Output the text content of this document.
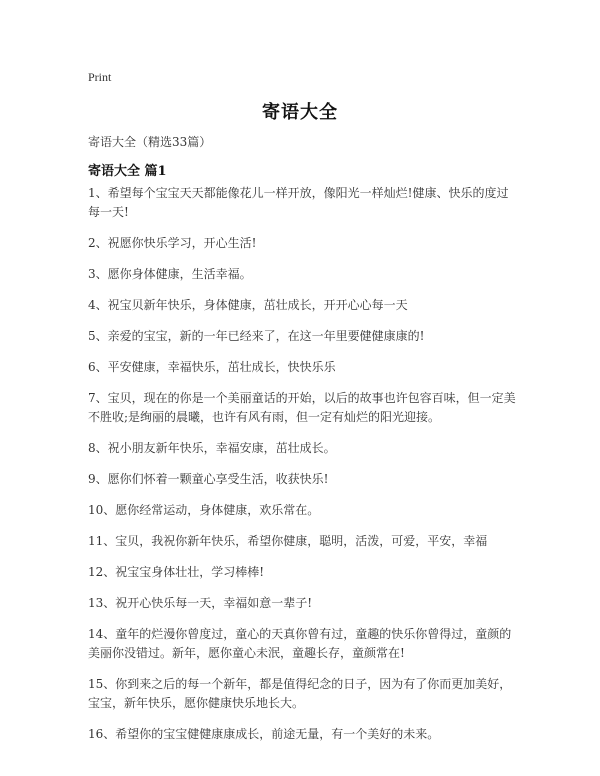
Print
寄语大全
寄语大全（精选33篇）
寄语大全 篇1
1、希望每个宝宝天天都能像花儿一样开放，像阳光一样灿烂!健康、快乐的度过每一天!
2、祝愿你快乐学习，开心生活!
3、愿你身体健康，生活幸福。
4、祝宝贝新年快乐，身体健康，茁壮成长，开开心心每一天
5、亲爱的宝宝，新的一年已经来了，在这一年里要健健康康的!
6、平安健康，幸福快乐，茁壮成长，快快乐乐
7、宝贝，现在的你是一个美丽童话的开始，以后的故事也许包容百味，但一定美不胜收;是绚丽的晨曦，也许有风有雨，但一定有灿烂的阳光迎接。
8、祝小朋友新年快乐，幸福安康，茁壮成长。
9、愿你们怀着一颗童心享受生活，收获快乐!
10、愿你经常运动，身体健康，欢乐常在。
11、宝贝，我祝你新年快乐，希望你健康，聪明，活泼，可爱，平安，幸福
12、祝宝宝身体壮壮，学习棒棒!
13、祝开心快乐每一天，幸福如意一辈子!
14、童年的烂漫你曾度过，童心的天真你曾有过，童趣的快乐你曾得过，童颜的美丽你没错过。新年，愿你童心未泯，童趣长存，童颜常在!
15、你到来之后的每一个新年，都是值得纪念的日子，因为有了你而更加美好，宝宝，新年快乐，愿你健康快乐地长大。
16、希望你的宝宝健健康康成长，前途无量，有一个美好的未来。
